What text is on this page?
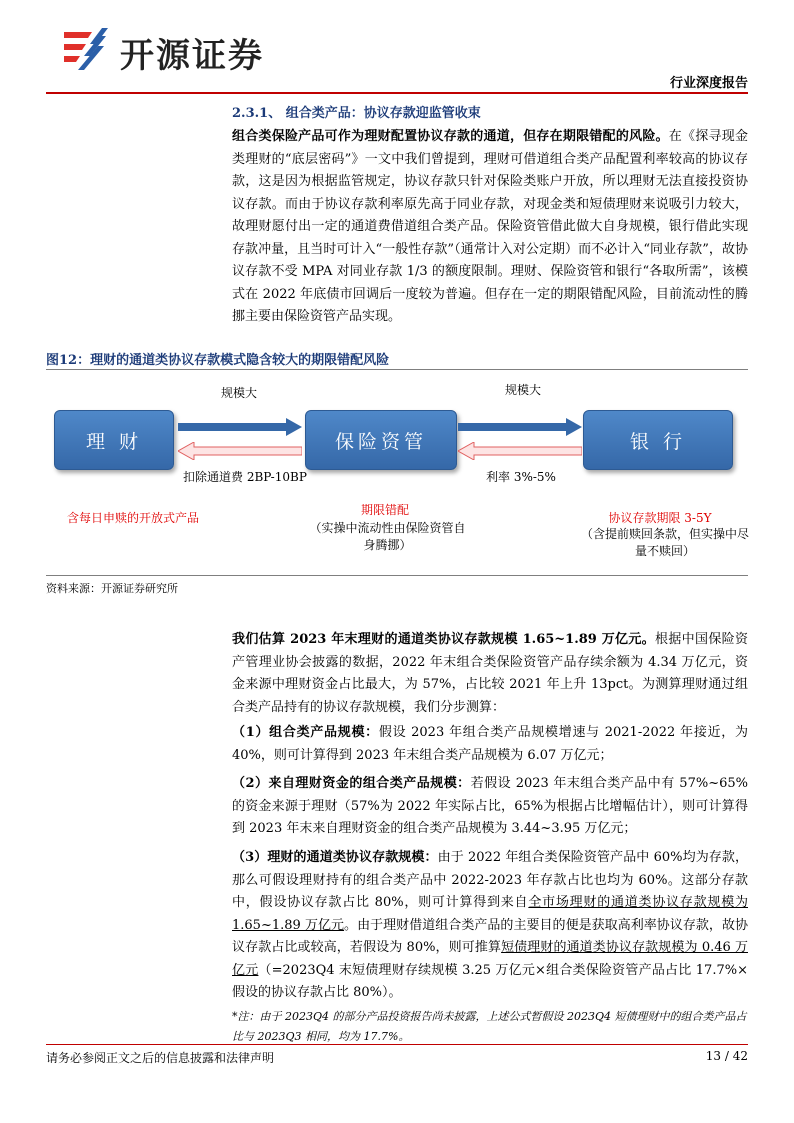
开源证券
行业深度报告
2.3.1、 组合类产品：协议存款迎监管收束
组合类保险产品可作为理财配置协议存款的通道，但存在期限错配的风险。在《探寻现金类理财的“底层密码”》一文中我们曾提到，理财可借道组合类产品配置利率较高的协议存款，这是因为根据监管规定，协议存款只针对保险类账户开放，所以理财无法直接投资协议存款。而由于协议存款利率原先高于同业存款，对现金类和短债理财来说吸引力较大，故理财愿付出一定的通道费借道组合类产品。保险资管借此做大自身规模，银行借此实现存款冲量，且当时可计入“一般性存款”（通常计入对公定期）而不必计入“同业存款”，故协议存款不受 MPA 对同业存款 1/3 的额度限制。理财、保险资管和银行“各取所需”，该模式在 2022 年底债市回调后一度较为普遍。但存在一定的期限错配风险，目前流动性的腾挪主要由保险资管产品实现。
图12：理财的通道类协议存款模式隐含较大的期限错配风险
规模大	规模大
理 财	保险资管	银 行
扣除通道费 2BP-10BP	利率 3%-5%
含每日申赎的开放式产品
期限错配
（实操中流动性由保险资管自身腾挪）
协议存款期限 3-5Y
（含提前赎回条款，但实操中尽量不赎回）
资料来源：开源证券研究所
我们估算 2023 年末理财的通道类协议存款规模 1.65~1.89 万亿元。根据中国保险资产管理业协会披露的数据，2022 年末组合类保险资管产品存续余额为 4.34 万亿元，资金来源中理财资金占比最大，为 57%，占比较 2021 年上升 13pct。为测算理财通过组合类产品持有的协议存款规模，我们分步测算：
（1）组合类产品规模：假设 2023 年组合类产品规模增速与 2021-2022 年接近，为 40%，则可计算得到 2023 年末组合类产品规模为 6.07 万亿元；
（2）来自理财资金的组合类产品规模：若假设 2023 年末组合类产品中有 57%~65% 的资金来源于理财（57%为 2022 年实际占比，65%为根据占比增幅估计），则可计算得到 2023 年末来自理财资金的组合类产品规模为 3.44~3.95 万亿元；
（3）理财的通道类协议存款规模：由于 2022 年组合类保险资管产品中 60%均为存款，那么可假设理财持有的组合类产品中 2022-2023 年存款占比也均为 60%。这部分存款中，假设协议存款占比 80%，则可计算得到来自全市场理财的通道类协议存款规模为 1.65~1.89 万亿元。由于理财借道组合类产品的主要目的便是获取高利率协议存款，故协议存款占比或较高，若假设为 80%，则可推算短债理财的通道类协议存款规模为 0.46 万亿元（=2023Q4 末短债理财存续规模 3.25 万亿元×组合类保险资管产品占比 17.7%×假设的协议存款占比 80%）。
*注：由于 2023Q4 的部分产品投资报告尚未披露，上述公式暂假设 2023Q4 短债理财中的组合类产品占比与 2023Q3 相同，均为 17.7%。
请务必参阅正文之后的信息披露和法律声明	13 / 42
